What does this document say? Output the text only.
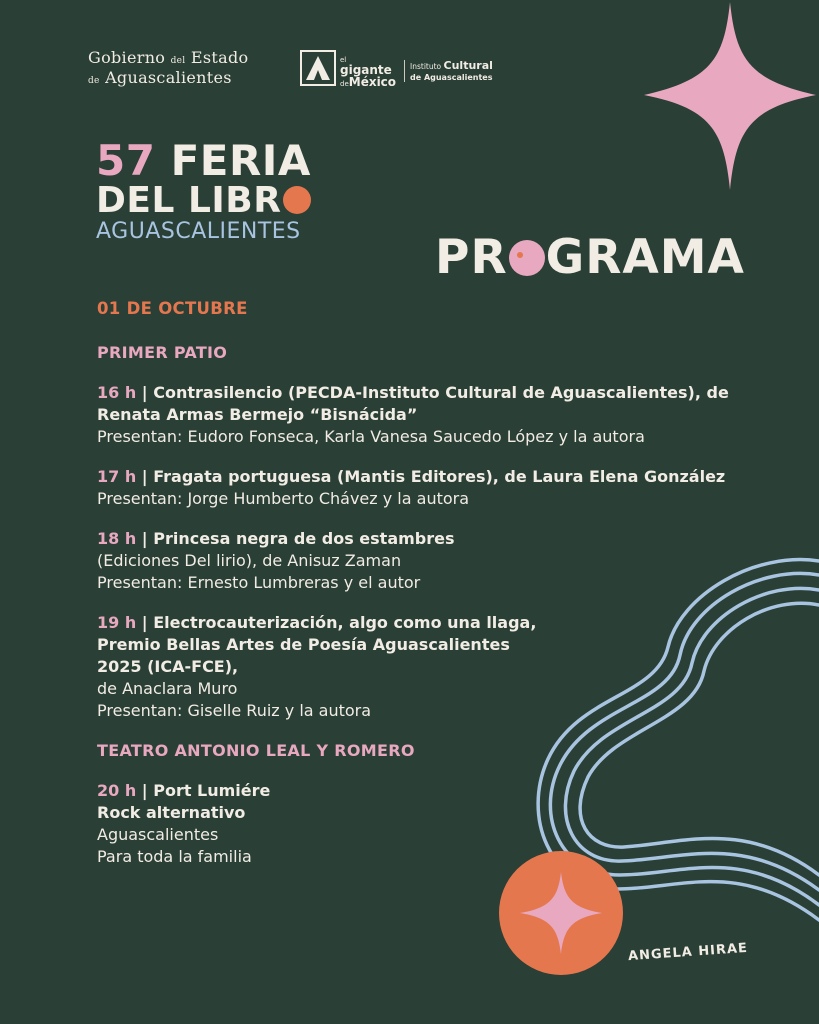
Gobierno del Estado
de Aguascalientes
el
gigante
deMéxico
Instituto Cultural
de Aguascalientes
57 FERIA
DEL LIBR
AGUASCALIENTES	PR GRAMA
01 DE OCTUBRE
PRIMER PATIO

16 h | Contrasilencio (PECDA-Instituto Cultural de Aguascalientes), de

Renata Armas Bermejo “Bisnácida”

Presentan: Eudoro Fonseca, Karla Vanesa Saucedo López y la autora

17 h | Fragata portuguesa (Mantis Editores), de Laura Elena González

Presentan: Jorge Humberto Chávez y la autora

18 h | Princesa negra de dos estambres

(Ediciones Del lirio), de Anisuz Zaman

Presentan: Ernesto Lumbreras y el autor

19 h | Electrocauterización, algo como una llaga,

Premio Bellas Artes de Poesía Aguascalientes

2025 (ICA-FCE),

de Anaclara Muro

Presentan: Giselle Ruiz y la autora

TEATRO ANTONIO LEAL Y ROMERO

20 h | Port Lumiére

Rock alternativo

Aguascalientes

Para toda la familia

ANGELA HIRAE
